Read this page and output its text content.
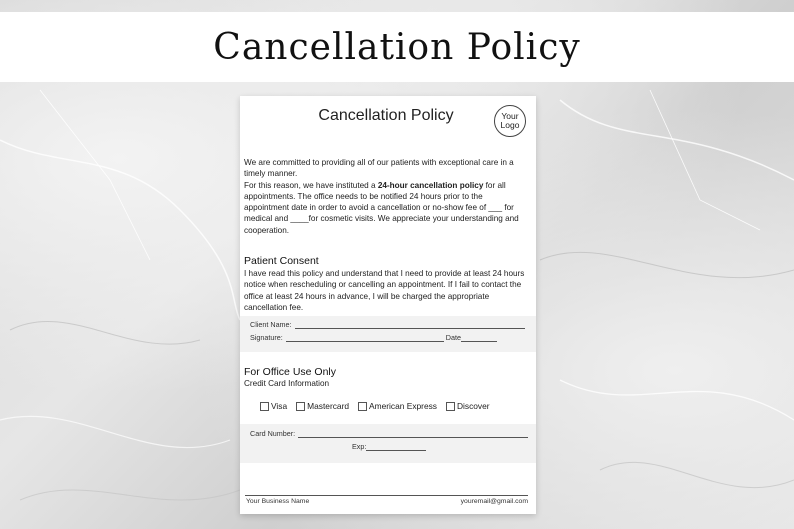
Cancellation Policy
Cancellation Policy	Your
Logo

We are committed to providing all of our patients with exceptional care in a timely manner.

For this reason, we have instituted a 24-hour cancellation policy for all appointments. The office needs to be notified 24 hours prior to the appointment date in order to avoid a cancellation or no-show fee of ___ for medical and ____for cosmetic visits. We appreciate your understanding and cooperation.

Patient Consent
I have read this policy and understand that I need to provide at least 24 hours notice when rescheduling or cancelling an appointment. If I fail to contact the office at least 24 hours in advance, I will be charged the appropriate cancellation fee.
Client Name:
Signature:	Date
For Office Use Only
Credit Card Information
Visa Mastercard American Express Discover
Card Number:
Exp:
Your Business Name	youremail@gmail.com
